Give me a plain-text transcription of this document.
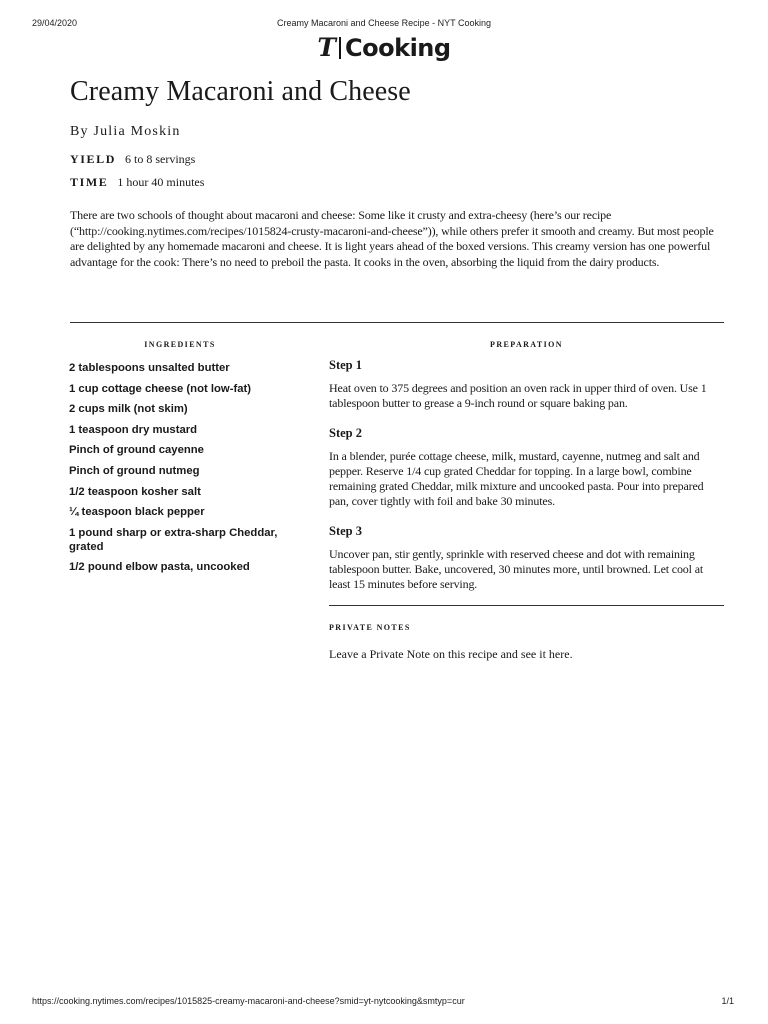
29/04/2020	Creamy Macaroni and Cheese Recipe - NYT Cooking
T Cooking
Creamy Macaroni and Cheese
By Julia Moskin
YIELD 6 to 8 servings
TIME 1 hour 40 minutes

There are two schools of thought about macaroni and cheese: Some like it crusty and extra-cheesy (here’s our recipe (“http://cooking.nytimes.com/recipes/1015824-crusty-macaroni-and-cheese”)), while others prefer it smooth and creamy. But most people are delighted by any homemade macaroni and cheese. It is light years ahead of the boxed versions. This creamy version has one powerful advantage for the cook: There’s no need to preboil the pasta. It cooks in the oven, absorbing the liquid from the dairy products.

INGREDIENTS	PREPARATION
2 tablespoons unsalted butter
1 cup cottage cheese (not low-fat)
2 cups milk (not skim)
1 teaspoon dry mustard
Pinch of ground cayenne
Pinch of ground nutmeg
1/2 teaspoon kosher salt
¼ teaspoon black pepper
1 pound sharp or extra-sharp Cheddar, grated
1/2 pound elbow pasta, uncooked
Step 1

Heat oven to 375 degrees and position an oven rack in upper third of oven. Use 1 tablespoon butter to grease a 9-inch round or square baking pan.

Step 2

In a blender, purée cottage cheese, milk, mustard, cayenne, nutmeg and salt and pepper. Reserve 1/4 cup grated Cheddar for topping. In a large bowl, combine remaining grated Cheddar, milk mixture and uncooked pasta. Pour into prepared pan, cover tightly with foil and bake 30 minutes.

Step 3

Uncover pan, stir gently, sprinkle with reserved cheese and dot with remaining tablespoon butter. Bake, uncovered, 30 minutes more, until browned. Let cool at least 15 minutes before serving.

PRIVATE NOTES
Leave a Private Note on this recipe and see it here.
https://cooking.nytimes.com/recipes/1015825-creamy-macaroni-and-cheese?smid=yt-nytcooking&smtyp=cur	1/1
